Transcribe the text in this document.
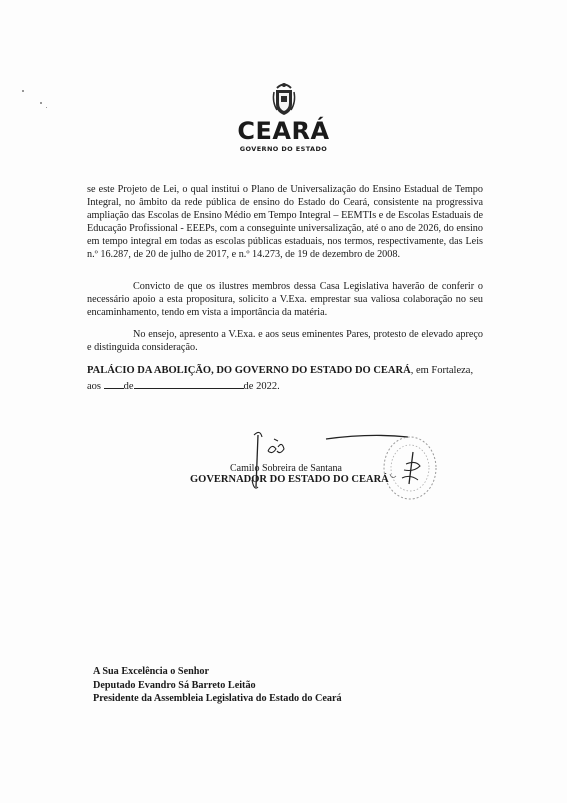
CEARÁ
GOVERNO DO ESTADO

se este Projeto de Lei, o qual institui o Plano de Universalização do Ensino Estadual de Tempo Integral, no âmbito da rede pública de ensino do Estado do Ceará, consistente na progressiva ampliação das Escolas de Ensino Médio em Tempo Integral – EEMTIs e de Escolas Estaduais de Educação Profissional - EEEPs, com a conseguinte universalização, até o ano de 2026, do ensino em tempo integral em todas as escolas públicas estaduais, nos termos, respectivamente, das Leis n.º 16.287, de 20 de julho de 2017, e n.º 14.273, de 19 de dezembro de 2008.

Convicto de que os ilustres membros dessa Casa Legislativa haverão de conferir o necessário apoio a esta propositura, solicito a V.Exa. emprestar sua valiosa colaboração no seu encaminhamento, tendo em vista a importância da matéria.

No ensejo, apresento a V.Exa. e aos seus eminentes Pares, protesto de elevado apreço e distinguida consideração.

PALÁCIO DA ABOLIÇÃO, DO GOVERNO DO ESTADO DO CEARÁ, em Fortaleza,
aos de	de 2022.
Camilo Sobreira de Santana
GOVERNADOR DO ESTADO DO CEARÁ
A Sua Excelência o Senhor
Deputado Evandro Sá Barreto Leitão
Presidente da Assembleia Legislativa do Estado do Ceará
